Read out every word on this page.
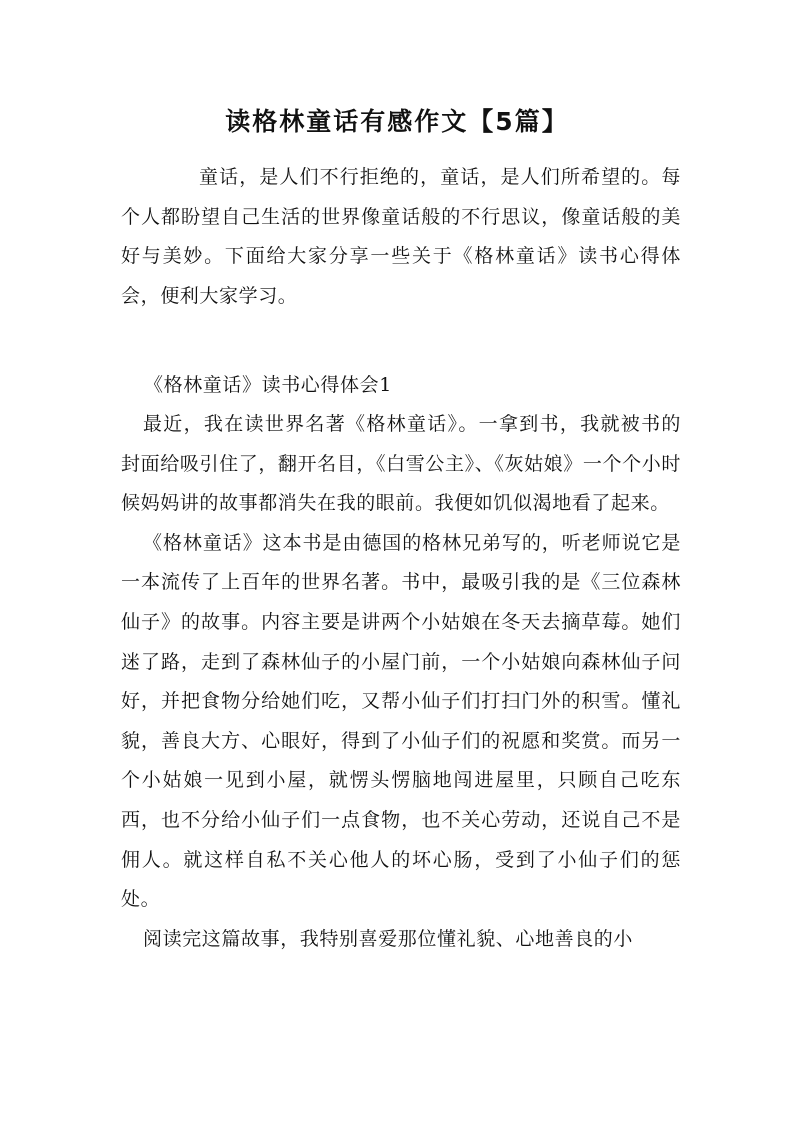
读格林童话有感作文【5篇】

童话，是人们不行拒绝的，童话，是人们所希望的。每个人都盼望自己生活的世界像童话般的不行思议，像童话般的美好与美妙。下面给大家分享一些关于《格林童话》读书心得体会，便利大家学习。

《格林童话》读书心得体会1

最近，我在读世界名著《格林童话》。一拿到书，我就被书的封面给吸引住了，翻开名目，《白雪公主》、《灰姑娘》一个个小时候妈妈讲的故事都消失在我的眼前。我便如饥似渴地看了起来。

《格林童话》这本书是由德国的格林兄弟写的，听老师说它是一本流传了上百年的世界名著。书中，最吸引我的是《三位森林仙子》的故事。内容主要是讲两个小姑娘在冬天去摘草莓。她们迷了路，走到了森林仙子的小屋门前，一个小姑娘向森林仙子问好，并把食物分给她们吃，又帮小仙子们打扫门外的积雪。懂礼貌，善良大方、心眼好，得到了小仙子们的祝愿和奖赏。而另一个小姑娘一见到小屋，就愣头愣脑地闯进屋里，只顾自己吃东西，也不分给小仙子们一点食物，也不关心劳动，还说自己不是佣人。就这样自私不关心他人的坏心肠，受到了小仙子们的惩处。

阅读完这篇故事，我特别喜爱那位懂礼貌、心地善良的小
